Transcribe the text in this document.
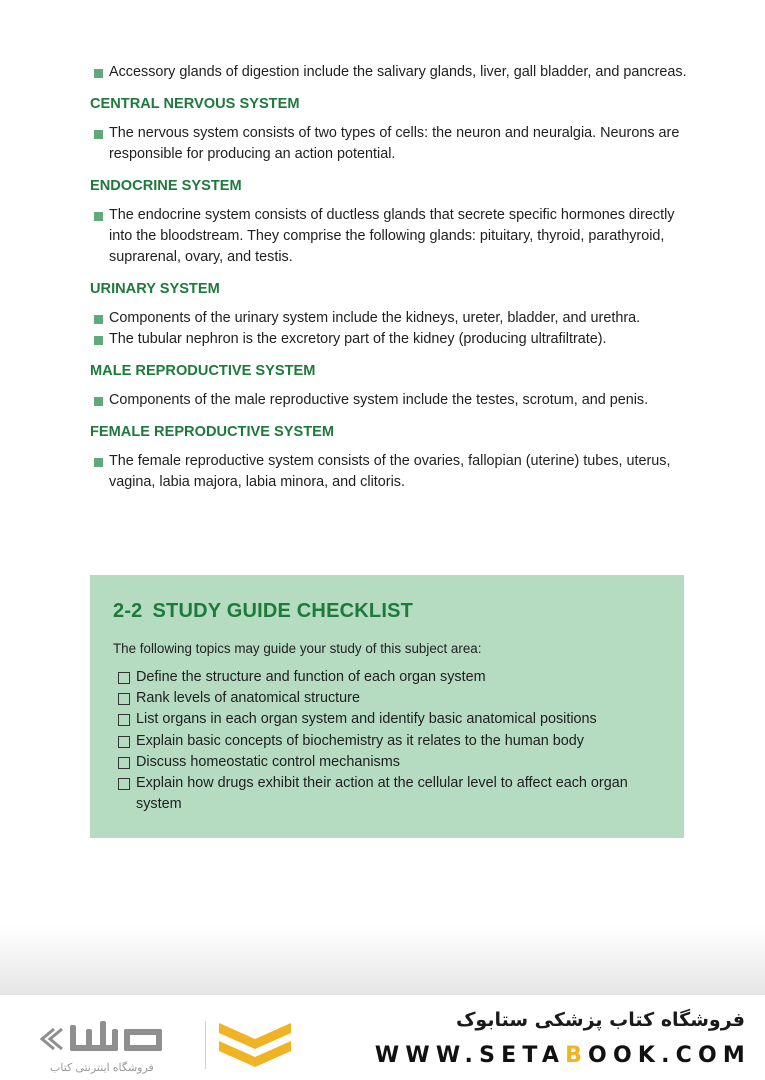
Accessory glands of digestion include the salivary glands, liver, gall bladder, and pancreas.
CENTRAL NERVOUS SYSTEM
The nervous system consists of two types of cells: the neuron and neuralgia. Neurons are responsible for producing an action potential.
ENDOCRINE SYSTEM
The endocrine system consists of ductless glands that secrete specific hormones directly into the bloodstream. They comprise the following glands: pituitary, thyroid, parathyroid, suprarenal, ovary, and testis.
URINARY SYSTEM
Components of the urinary system include the kidneys, ureter, bladder, and urethra.
The tubular nephron is the excretory part of the kidney (producing ultrafiltrate).
MALE REPRODUCTIVE SYSTEM
Components of the male reproductive system include the testes, scrotum, and penis.
FEMALE REPRODUCTIVE SYSTEM
The female reproductive system consists of the ovaries, fallopian (uterine) tubes, uterus, vagina, labia majora, labia minora, and clitoris.
2-2 STUDY GUIDE CHECKLIST
The following topics may guide your study of this subject area:
Define the structure and function of each organ system
Rank levels of anatomical structure
List organs in each organ system and identify basic anatomical positions
Explain basic concepts of biochemistry as it relates to the human body
Discuss homeostatic control mechanisms
Explain how drugs exhibit their action at the cellular level to affect each organ system
فروشگاه اینترنتی کتاب
فروشگاه کتاب پزشکی ستابوک
WWW.SETABOOK.COM
